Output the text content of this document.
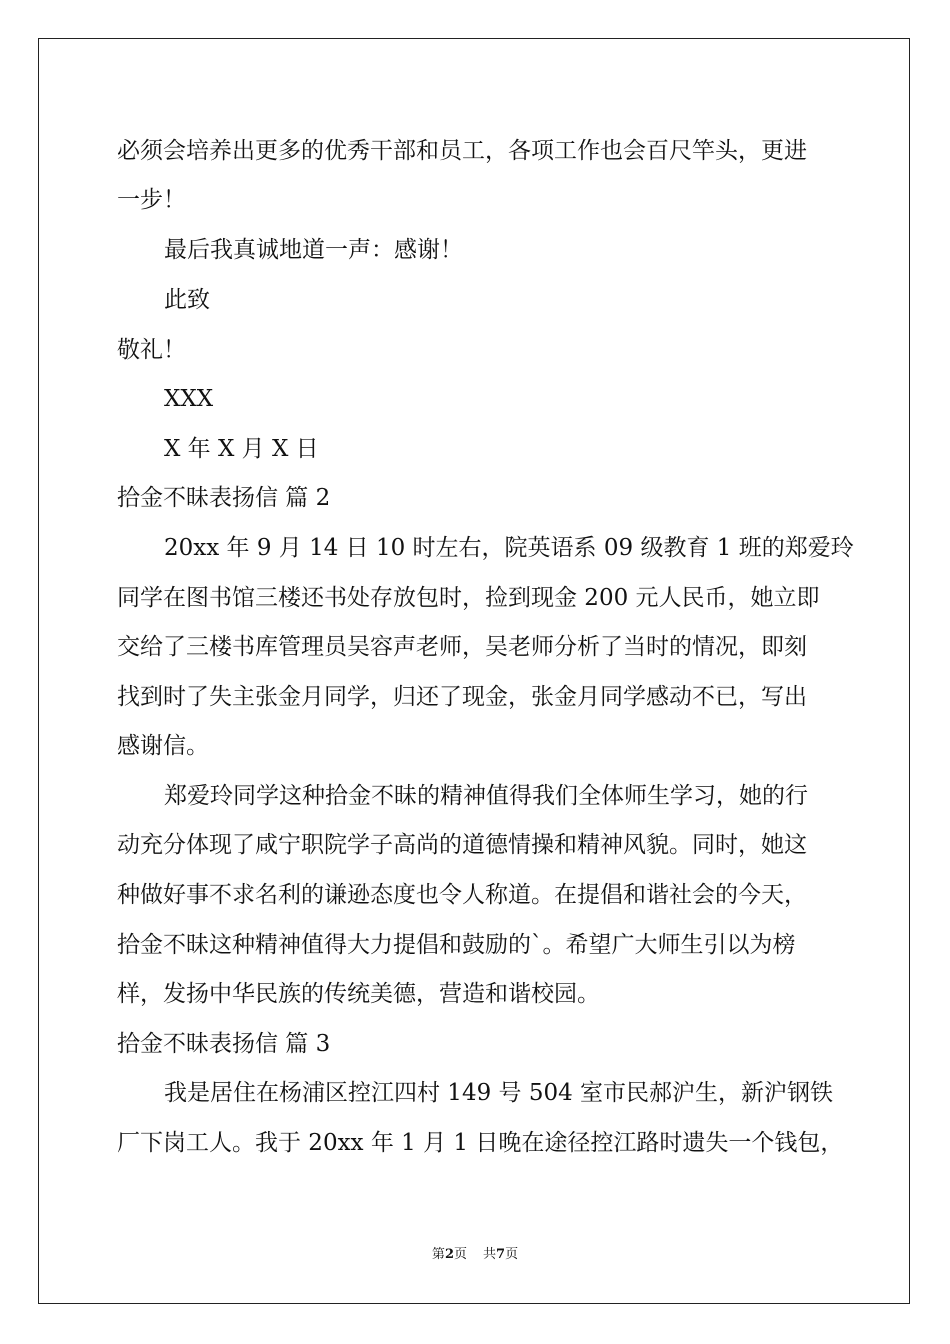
必须会培养出更多的优秀干部和员工，各项工作也会百尺竿头，更进

一步！

最后我真诚地道一声：感谢！

此致

敬礼！

XXX

X 年 X 月 X 日

拾金不昧表扬信 篇 2

20xx 年 9 月 14 日 10 时左右，院英语系 09 级教育 1 班的郑爱玲

同学在图书馆三楼还书处存放包时，捡到现金 200 元人民币，她立即

交给了三楼书库管理员吴容声老师，吴老师分析了当时的情况，即刻

找到时了失主张金月同学，归还了现金，张金月同学感动不已，写出

感谢信。

郑爱玲同学这种拾金不昧的精神值得我们全体师生学习，她的行

动充分体现了咸宁职院学子高尚的道德情操和精神风貌。同时，她这

种做好事不求名利的谦逊态度也令人称道。在提倡和谐社会的今天，

拾金不昧这种精神值得大力提倡和鼓励的`。希望广大师生引以为榜

样，发扬中华民族的传统美德，营造和谐校园。

拾金不昧表扬信 篇 3

我是居住在杨浦区控江四村 149 号 504 室市民郝沪生，新沪钢铁

厂下岗工人。我于 20xx 年 1 月 1 日晚在途径控江路时遗失一个钱包，

第2页 共7页
